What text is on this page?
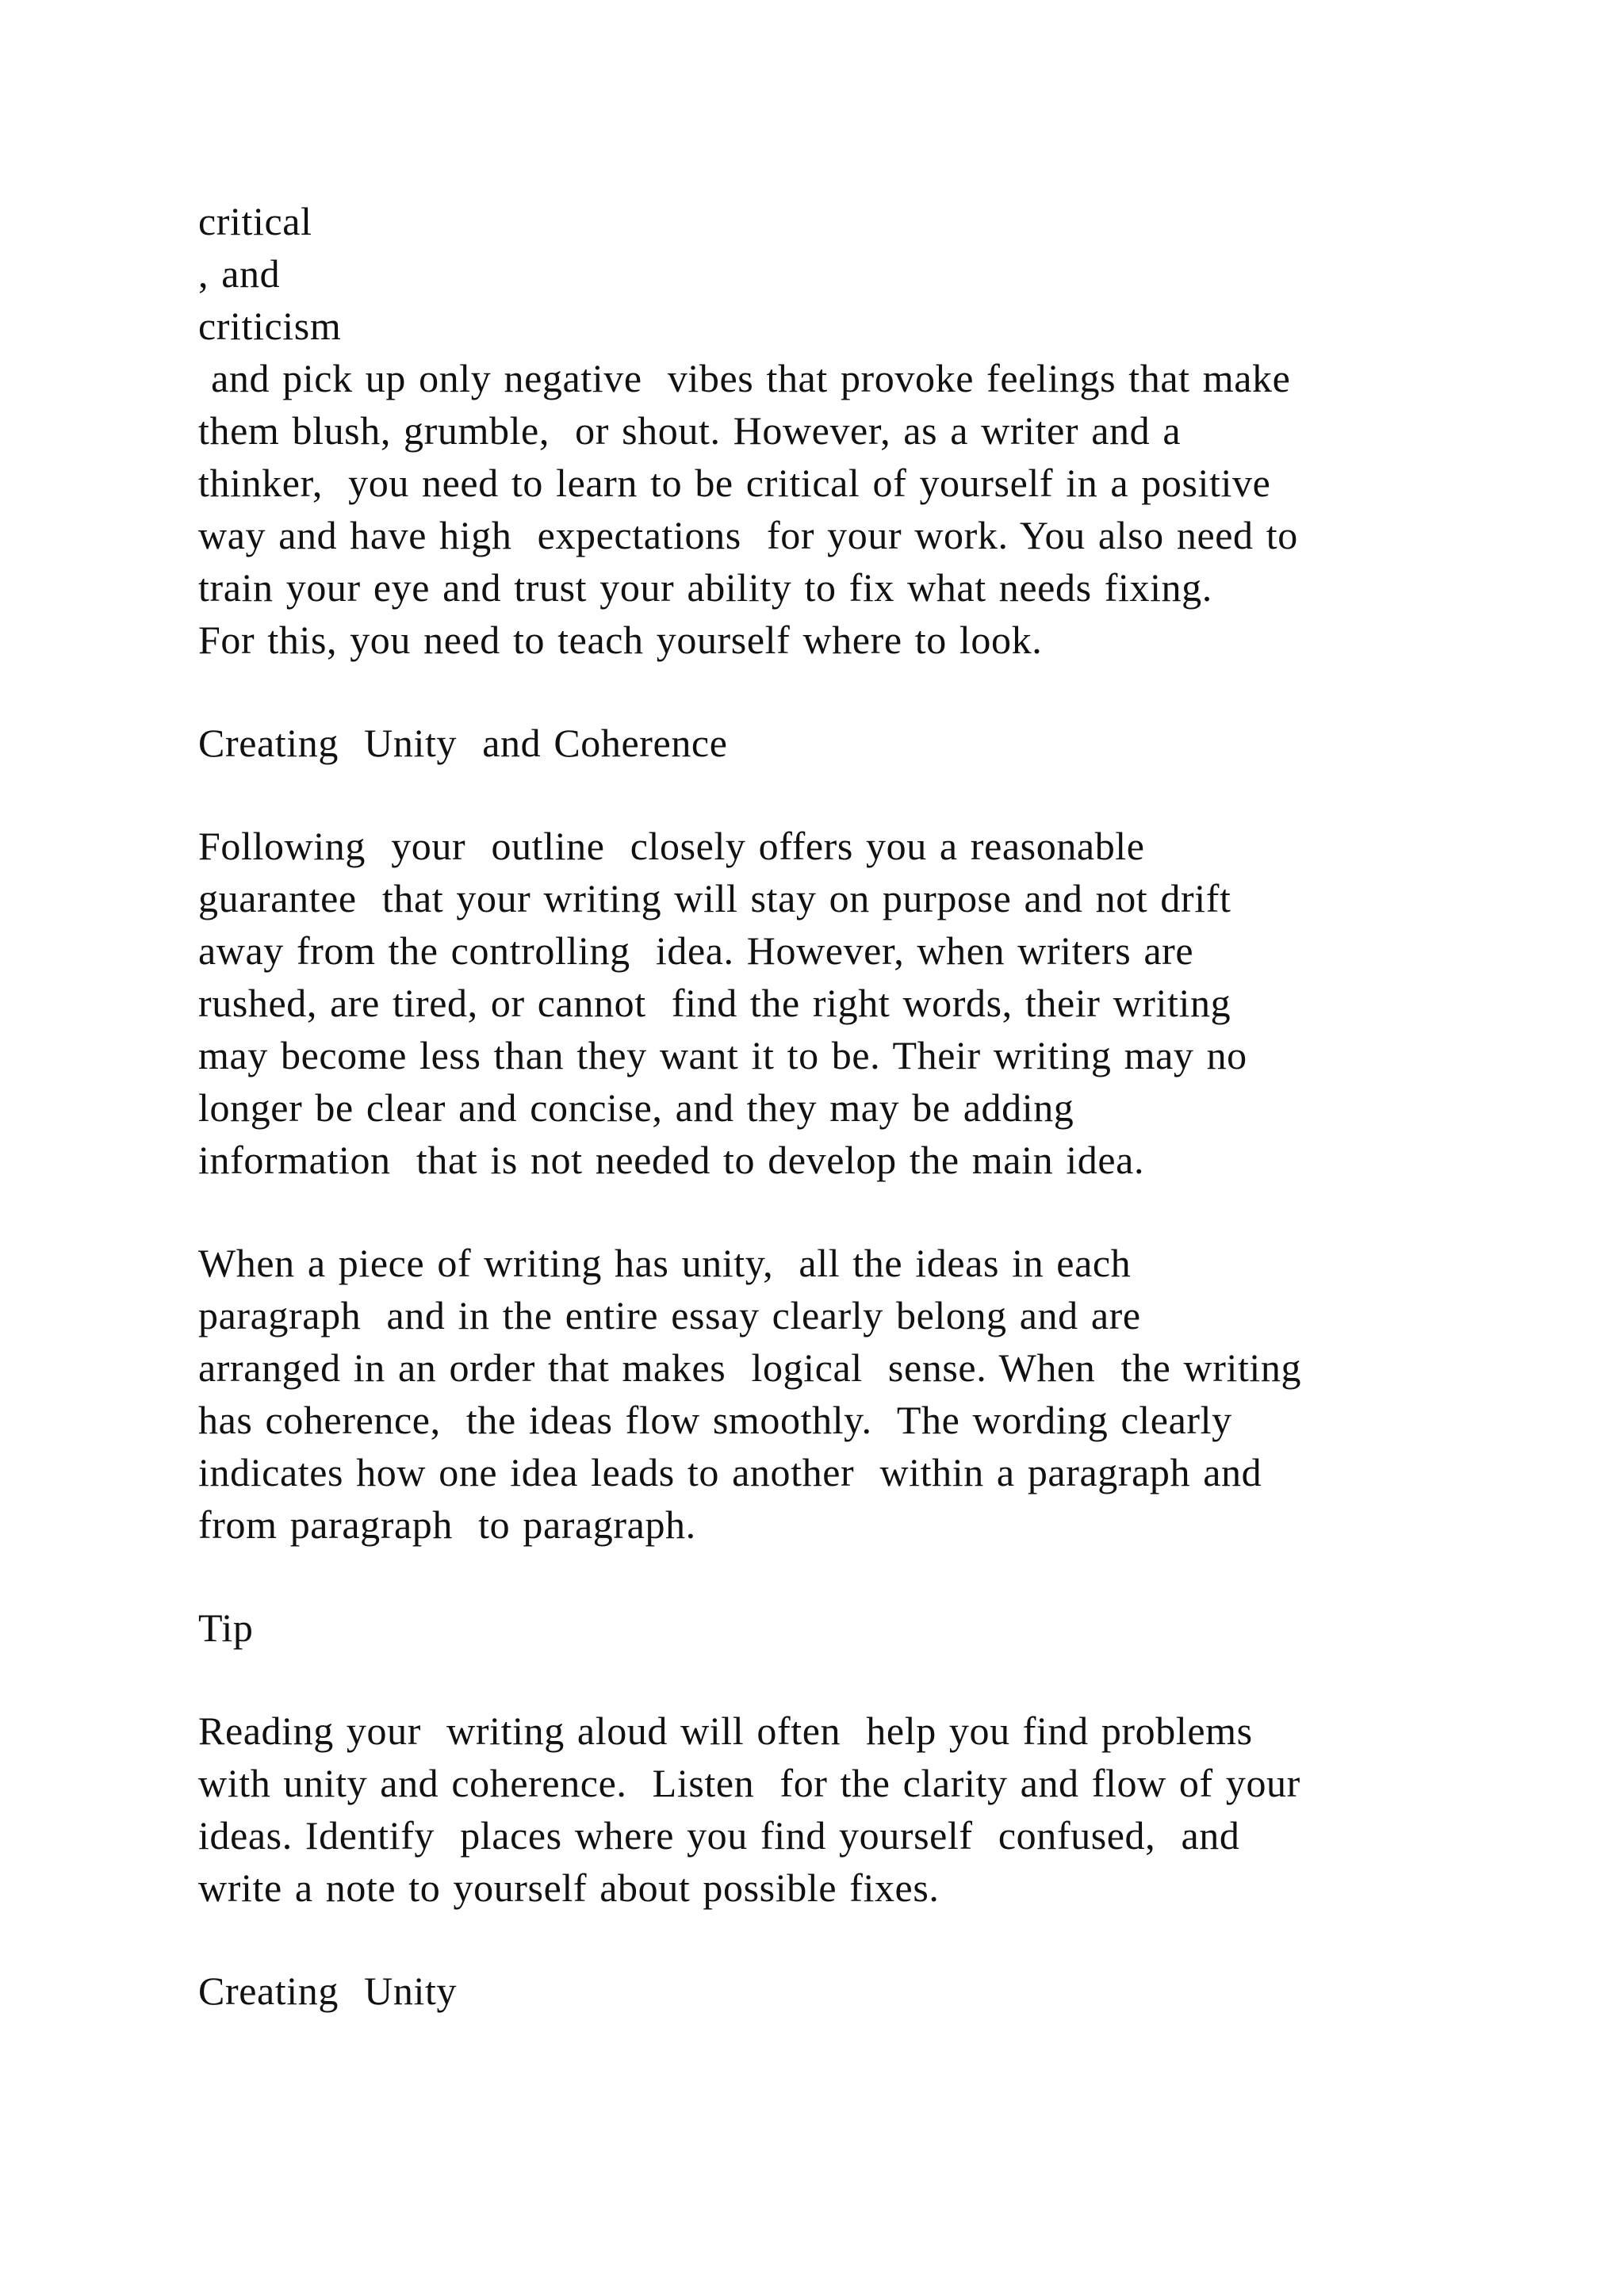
critical
, and
criticism
and pick up only negative  vibes that provoke feelings that make
them blush, grumble,  or shout. However, as a writer and a
thinker,  you need to learn to be critical of yourself in a positive
way and have high  expectations  for your work. You also need to
train your eye and trust your ability to fix what needs fixing.
For this, you need to teach yourself where to look.
Creating  Unity  and Coherence
Following  your  outline  closely offers you a reasonable
guarantee  that your writing will stay on purpose and not drift
away from the controlling  idea. However, when writers are
rushed, are tired, or cannot  find the right words, their writing
may become less than they want it to be. Their writing may no
longer be clear and concise, and they may be adding
information  that is not needed to develop the main idea.
When a piece of writing has unity,  all the ideas in each
paragraph  and in the entire essay clearly belong and are
arranged in an order that makes  logical  sense. When  the writing
has coherence,  the ideas flow smoothly.  The wording clearly
indicates how one idea leads to another  within a paragraph and
from paragraph  to paragraph.
Tip
Reading your  writing aloud will often  help you find problems
with unity and coherence.  Listen  for the clarity and flow of your
ideas. Identify  places where you find yourself  confused,  and
write a note to yourself about possible fixes.
Creating  Unity
